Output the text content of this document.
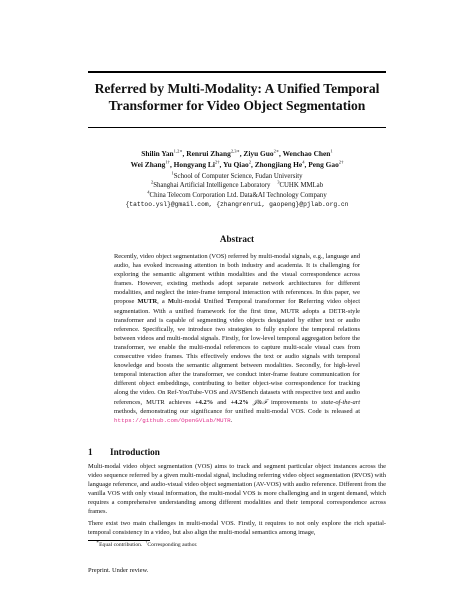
Referred by Multi-Modality: A Unified Temporal
Transformer for Video Object Segmentation
Shilin Yan$^{1,2∗}$, Renrui Zhang$^{2,3∗}$, Ziyu Guo$^{2∗}$, Wenchao Chen$^1$
Wei Zhang$^{1\dagger}$, Hongyang $Li^{2\dagger}$, Yu Qiao$^2$, Zhongjiang He$^4$, Peng Gao$^{2\dagger}$
$^1$School of Computer Science, Fudan University
$^2$Shanghai Artificial Intelligence Laboratory $^3$CUHK MMLab
$^4$China Telecom Corporation Ltd. Data&AI Technology Company
{tattoo.ysl}@gmail.com, {zhangrenrui, gaopeng}@pjlab.org.cn
Abstract

Recently, video object segmentation (VOS) referred by multi-modal signals, e.g., language and audio, has evoked increasing attention in both industry and academia. It is challenging for exploring the semantic alignment within modalities and the visual correspondence across frames. However, existing methods adopt separate network architectures for different modalities, and neglect the inter-frame temporal interaction with references. In this paper, we propose MUTR, a Multi-modal Unified Temporal transformer for Referring video object segmentation. With a unified framework for the first time, MUTR adopts a DETR-style transformer and is capable of segmenting video objects designated by either text or audio reference. Specifically, we introduce two strategies to fully explore the temporal relations between videos and multi-modal signals. Firstly, for low-level temporal aggregation before the transformer, we enable the multi-modal references to capture multi-scale visual cues from consecutive video frames. This effectively endows the text or audio signals with temporal knowledge and boosts the semantic alignment between modalities. Secondly, for high-level temporal interaction after the transformer, we conduct inter-frame feature communication for different object embeddings, contributing to better object-wise correspondence for tracking along the video. On Ref-YouTube-VOS and AVSBench datasets with respective text and audio references, MUTR achieves +4.2% and +4.2% 𝒥&ℱ improvements to state-of-the-art methods, demonstrating our significance for unified multi-modal VOS. Code is released at https://github.com/OpenGVLab/MUTR.

1 Introduction

Multi-modal video object segmentation (VOS) aims to track and segment particular object instances across the video sequence referred by a given multi-modal signal, including referring video object segmentation (RVOS) with language reference, and audio-visual video object segmentation (AV-VOS) with audio reference. Different from the vanilla VOS with only visual information, the multi-modal VOS is more challenging and in urgent demand, which requires a comprehensive understanding among different modalities and their temporal correspondence across frames.

There exist two main challenges in multi-modal VOS. Firstly, it requires to not only explore the rich spatial-temporal consistency in a video, but also align the multi-modal semantics among image,

∗Equal contribution.  †Corresponding author.
Preprint. Under review.
